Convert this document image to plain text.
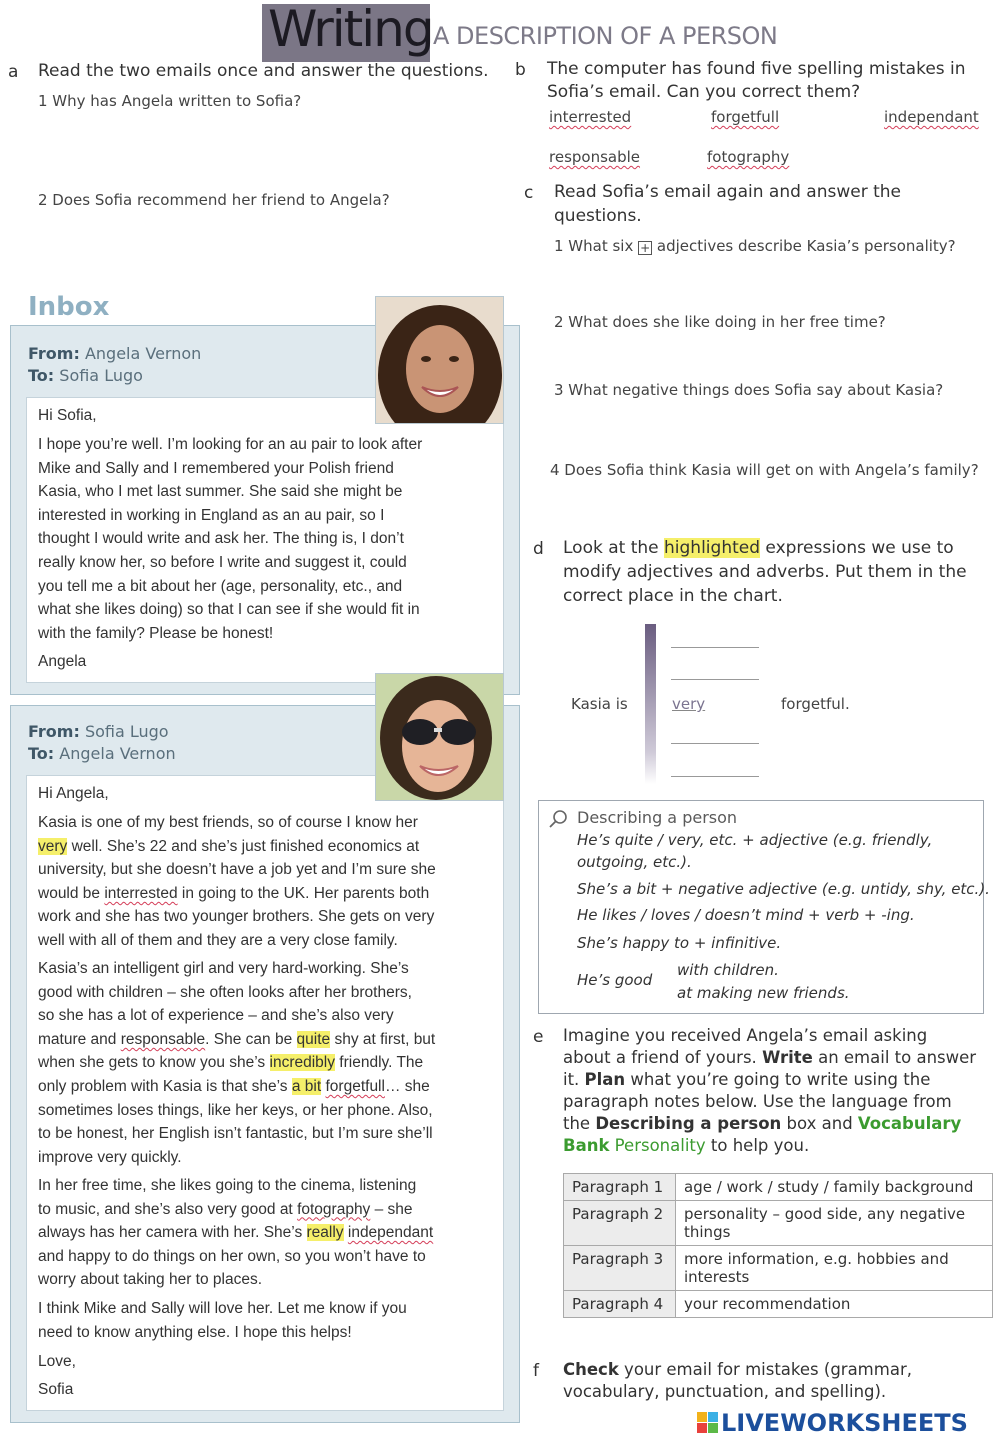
Writing A DESCRIPTION OF A PERSON
a Read the two emails once and answer the questions.
1 Why has Angela written to Sofia?
2 Does Sofia recommend her friend to Angela?
b The computer has found five spelling mistakes in
Sofia’s email. Can you correct them?
interrested	forgetfull	independant
responsable	fotography
c Read Sofia’s email again and answer the
questions.
1 What six + adjectives describe Kasia’s personality?
2 What does she like doing in her free time?
3 What negative things does Sofia say about Kasia?
4 Does Sofia think Kasia will get on with Angela’s family?
Inbox
From: Angela Vernon
To: Sofia Lugo
Hi Sofia,
I hope you’re well. I’m looking for an au pair to look after
Mike and Sally and I remembered your Polish friend
Kasia, who I met last summer. She said she might be
interested in working in England as an au pair, so I
thought I would write and ask her. The thing is, I don’t
really know her, so before I write and suggest it, could
you tell me a bit about her (age, personality, etc., and
what she likes doing) so that I can see if she would fit in
with the family? Please be honest!
Angela
From: Sofia Lugo
To: Angela Vernon
Hi Angela,
Kasia is one of my best friends, so of course I know her
very well. She’s 22 and she’s just finished economics at
university, but she doesn’t have a job yet and I’m sure she
would be interrested in going to the UK. Her parents both
work and she has two younger brothers. She gets on very
well with all of them and they are a very close family.
Kasia’s an intelligent girl and very hard-working. She’s
good with children – she often looks after her brothers,
so she has a lot of experience – and she’s also very
mature and responsable. She can be quite shy at first, but
when she gets to know you she’s incredibly friendly. The
only problem with Kasia is that she’s a bit forgetfull… she
sometimes loses things, like her keys, or her phone. Also,
to be honest, her English isn’t fantastic, but I’m sure she’ll
improve very quickly.
In her free time, she likes going to the cinema, listening
to music, and she’s also very good at fotography – she
always has her camera with her. She’s really independant
and happy to do things on her own, so you won’t have to
worry about taking her to places.
I think Mike and Sally will love her. Let me know if you
need to know anything else. I hope this helps!
Love,
Sofia
d Look at the highlighted expressions we use to
modify adjectives and adverbs. Put them in the
correct place in the chart.
Kasia is	very	forgetful.
Describing a person
He’s quite / very, etc. + adjective (e.g. friendly,
outgoing, etc.).
She’s a bit + negative adjective (e.g. untidy, shy, etc.).
He likes / loves / doesn’t mind + verb + -ing.
She’s happy to + infinitive.
He’s good
with children.
at making new friends.
e Imagine you received Angela’s email asking
about a friend of yours. Write an email to answer
it. Plan what you’re going to write using the
paragraph notes below. Use the language from
the Describing a person box and Vocabulary
Bank Personality to help you.
Paragraph 1	age / work / study / family background
Paragraph 2	personality – good side, any negative things
Paragraph 3	more information, e.g. hobbies and interests
Paragraph 4	your recommendation
f Check your email for mistakes (grammar,
vocabulary, punctuation, and spelling).
LIVEWORKSHEETS
